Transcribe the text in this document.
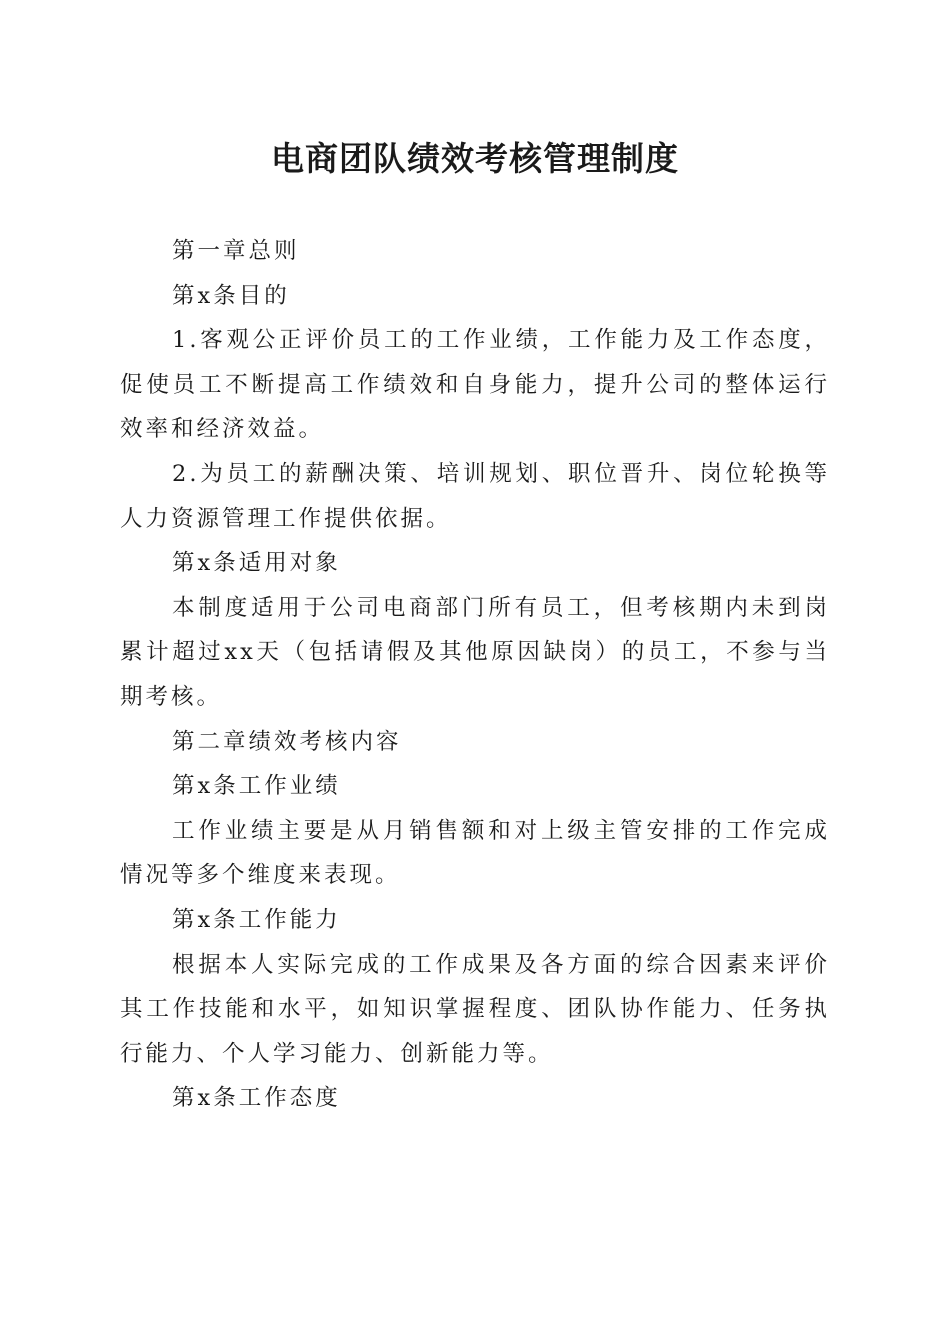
电商团队绩效考核管理制度

第一章总则

第x条目的

1.客观公正评价员工的工作业绩，工作能力及工作态度，促使员工不断提高工作绩效和自身能力，提升公司的整体运行效率和经济效益。

2.为员工的薪酬决策、培训规划、职位晋升、岗位轮换等人力资源管理工作提供依据。

第x条适用对象

本制度适用于公司电商部门所有员工，但考核期内未到岗累计超过xx天（包括请假及其他原因缺岗）的员工，不参与当期考核。

第二章绩效考核内容

第x条工作业绩

工作业绩主要是从月销售额和对上级主管安排的工作完成情况等多个维度来表现。

第x条工作能力

根据本人实际完成的工作成果及各方面的综合因素来评价其工作技能和水平，如知识掌握程度、团队协作能力、任务执行能力、个人学习能力、创新能力等。

第x条工作态度
